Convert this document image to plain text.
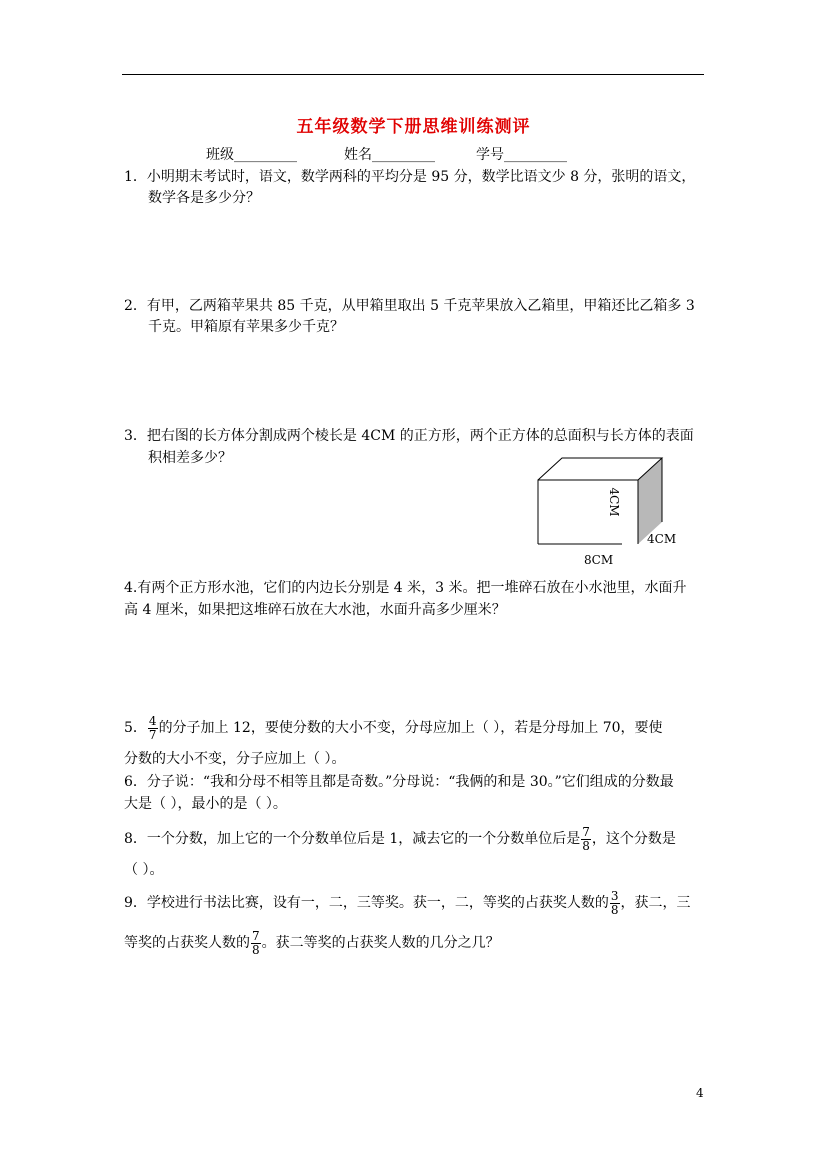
五年级数学下册思维训练测评
班级_________	姓名_________	学号_________
1．小明期末考试时，语文，数学两科的平均分是 95 分，数学比语文少 8 分，张明的语文，
数学各是多少分？
2．有甲，乙两箱苹果共 85 千克，从甲箱里取出 5 千克苹果放入乙箱里，甲箱还比乙箱多 3
千克。甲箱原有苹果多少千克？
3．把右图的长方体分割成两个棱长是 4CM 的正方形，两个正方体的总面积与长方体的表面
积相差多少？
4CM
4CM
8CM
4.有两个正方形水池，它们的内边长分别是 4 米，3 米。把一堆碎石放在小水池里，水面升
高 4 厘米，如果把这堆碎石放在大水池，水面升高多少厘米？
5． $\frac{4}{7}$ 的分子加上 12，要使分数的大小不变，分母应加上（ ），若是分母加上 70，要使
分数的大小不变，分子应加上（ ）。
6．分子说：“我和分母不相等且都是奇数。”分母说：“我俩的和是 30。”它们组成的分数最
大是（ ），最小的是（ ）。
8．一个分数，加上它的一个分数单位后是 1，减去它的一个分数单位后是 $\frac{7}{8}$ ，这个分数是
（ ）。
9．学校进行书法比赛，设有一，二，三等奖。获一，二，等奖的占获奖人数的 $\frac{3}{8}$ ，获二，三
等奖的占获奖人数的 $\frac{7}{8}$ 。获二等奖的占获奖人数的几分之几？
4
